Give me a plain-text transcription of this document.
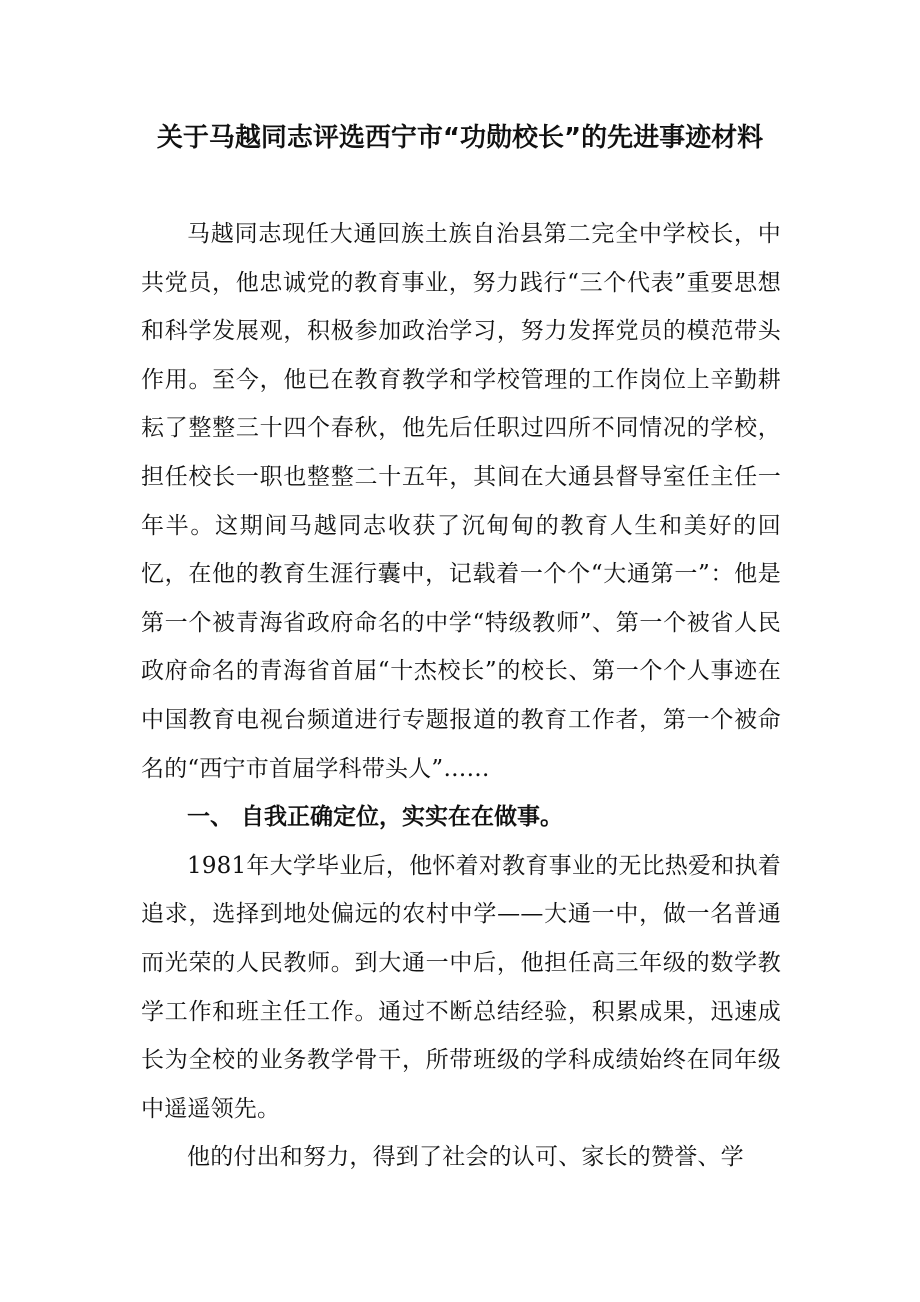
关于马越同志评选西宁市“功勋校长”的先进事迹材料

马越同志现任大通回族土族自治县第二完全中学校长，中共党员，他忠诚党的教育事业，努力践行“三个代表”重要思想和科学发展观，积极参加政治学习，努力发挥党员的模范带头作用。至今，他已在教育教学和学校管理的工作岗位上辛勤耕耘了整整三十四个春秋，他先后任职过四所不同情况的学校，担任校长一职也整整二十五年，其间在大通县督导室任主任一年半。这期间马越同志收获了沉甸甸的教育人生和美好的回忆，在他的教育生涯行囊中，记载着一个个“大通第一”：他是第一个被青海省政府命名的中学“特级教师”、第一个被省人民政府命名的青海省首届“十杰校长”的校长、第一个个人事迹在中国教育电视台频道进行专题报道的教育工作者，第一个被命名的“西宁市首届学科带头人”……

一、 自我正确定位，实实在在做事。

1981年大学毕业后，他怀着对教育事业的无比热爱和执着追求，选择到地处偏远的农村中学——大通一中，做一名普通而光荣的人民教师。到大通一中后，他担任高三年级的数学教学工作和班主任工作。通过不断总结经验，积累成果，迅速成长为全校的业务教学骨干，所带班级的学科成绩始终在同年级中遥遥领先。

他的付出和努力，得到了社会的认可、家长的赞誉、学
